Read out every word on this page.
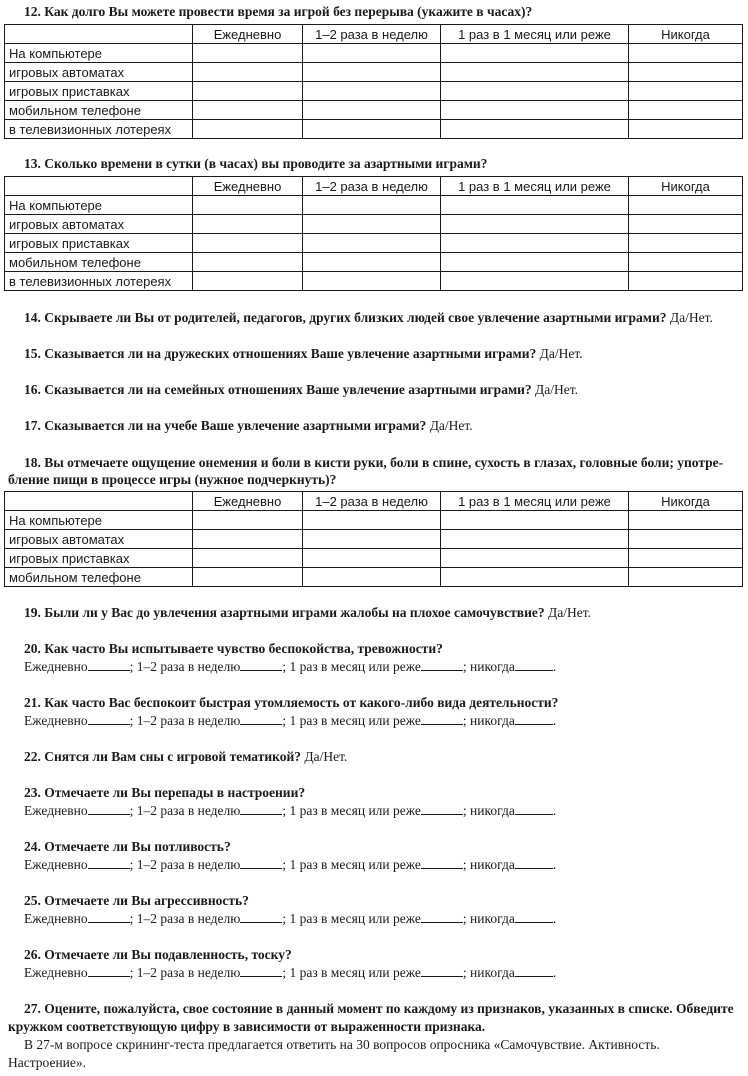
12. Как долго Вы можете провести время за игрой без перерыва (укажите в часах)?
	Ежедневно	1–2 раза в неделю	1 раз в 1 месяц или реже	Никогда
На компьютере				
игровых автоматах				
игровых приставках				
мобильном телефоне				
в телевизионных лотереях				
13. Сколько времени в сутки (в часах) вы проводите за азартными играми?
	Ежедневно	1–2 раза в неделю	1 раз в 1 месяц или реже	Никогда
На компьютере				
игровых автоматах				
игровых приставках				
мобильном телефоне				
в телевизионных лотереях				
14. Скрываете ли Вы от родителей, педагогов, других близких людей свое увлечение азартными играми? Да/Нет.
15. Сказывается ли на дружеских отношениях Ваше увлечение азартными играми? Да/Нет.
16. Сказывается ли на семейных отношениях Ваше увлечение азартными играми? Да/Нет.
17. Сказывается ли на учебе Ваше увлечение азартными играми? Да/Нет.
18. Вы отмечаете ощущение онемения и боли в кисти руки, боли в спине, сухость в глазах, головные боли; употре-
бление пищи в процессе игры (нужное подчеркнуть)?
	Ежедневно	1–2 раза в неделю	1 раз в 1 месяц или реже	Никогда
На компьютере				
игровых автоматах				
игровых приставках				
мобильном телефоне				
19. Были ли у Вас до увлечения азартными играми жалобы на плохое самочувствие? Да/Нет.
20. Как часто Вы испытываете чувство беспокойства, тревожности?
Ежедневно	; 1–2 раза в неделю	; 1 раз в месяц или реже	; никогда	.
21. Как часто Вас беспокоит быстрая утомляемость от какого-либо вида деятельности?
Ежедневно	; 1–2 раза в неделю	; 1 раз в месяц или реже	; никогда	.
22. Снятся ли Вам сны с игровой тематикой? Да/Нет.
23. Отмечаете ли Вы перепады в настроении?
Ежедневно	; 1–2 раза в неделю	; 1 раз в месяц или реже	; никогда	.
24. Отмечаете ли Вы потливость?
Ежедневно	; 1–2 раза в неделю	; 1 раз в месяц или реже	; никогда	.
25. Отмечаете ли Вы агрессивность?
Ежедневно	; 1–2 раза в неделю	; 1 раз в месяц или реже	; никогда	.
26. Отмечаете ли Вы подавленность, тоску?
Ежедневно	; 1–2 раза в неделю	; 1 раз в месяц или реже	; никогда	.
27. Оцените, пожалуйста, свое состояние в данный момент по каждому из признаков, указанных в списке. Обведите кружком соответствующую цифру в зависимости от выраженности признака.
В 27-м вопросе скрининг-теста предлагается ответить на 30 вопросов опросника «Самочувствие. Активность. Настроение».
